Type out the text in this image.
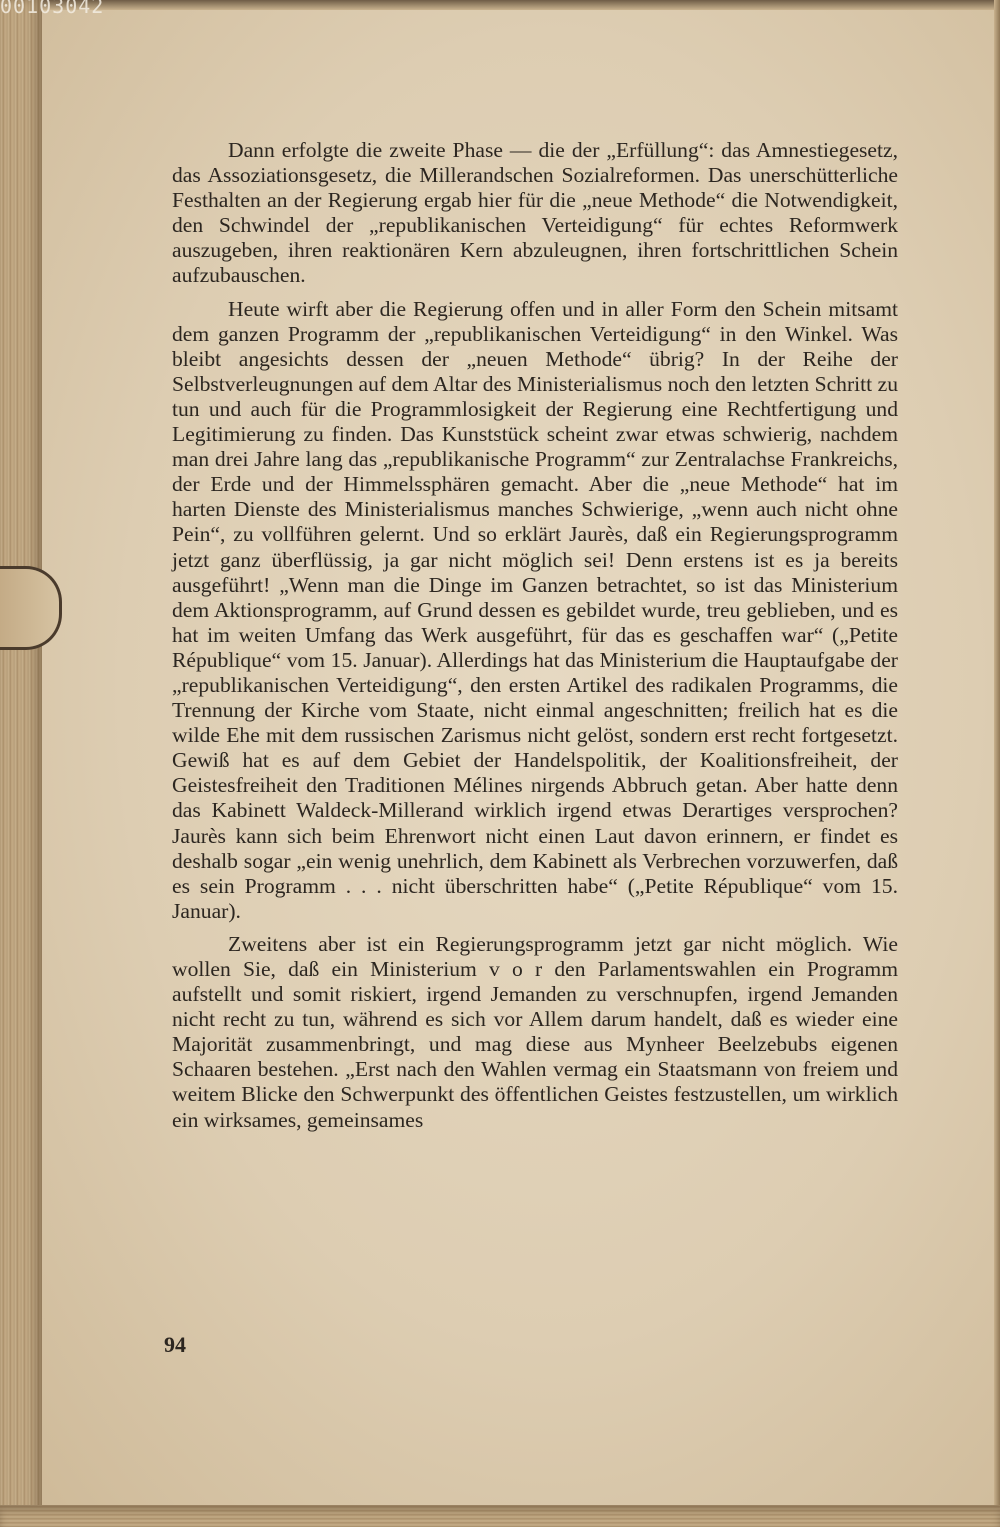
00103042

Dann erfolgte die zweite Phase — die der „Erfüllung“: das Amnestiegesetz, das Assoziationsgesetz, die Millerandschen Sozialreformen. Das unerschütterliche Festhalten an der Regierung ergab hier für die „neue Methode“ die Notwendigkeit, den Schwindel der „republikanischen Verteidigung“ für echtes Reformwerk auszugeben, ihren reaktionären Kern abzuleugnen, ihren fortschrittlichen Schein aufzubauschen.

Heute wirft aber die Regierung offen und in aller Form den Schein mitsamt dem ganzen Programm der „republikanischen Verteidigung“ in den Winkel. Was bleibt angesichts dessen der „neuen Methode“ übrig? In der Reihe der Selbstverleugnungen auf dem Altar des Ministerialismus noch den letzten Schritt zu tun und auch für die Programmlosigkeit der Regierung eine Rechtfertigung und Legitimierung zu finden. Das Kunststück scheint zwar etwas schwierig, nachdem man drei Jahre lang das „republikanische Programm“ zur Zentralachse Frankreichs, der Erde und der Himmelssphären gemacht. Aber die „neue Methode“ hat im harten Dienste des Ministerialismus manches Schwierige, „wenn auch nicht ohne Pein“, zu vollführen gelernt. Und so erklärt Jaurès, daß ein Regierungsprogramm jetzt ganz überflüssig, ja gar nicht möglich sei! Denn erstens ist es ja bereits ausgeführt! „Wenn man die Dinge im Ganzen betrachtet, so ist das Ministerium dem Aktionsprogramm, auf Grund dessen es gebildet wurde, treu geblieben, und es hat im weiten Umfang das Werk ausgeführt, für das es geschaffen war“ („Petite République“ vom 15. Januar). Allerdings hat das Ministerium die Hauptaufgabe der „republikanischen Verteidigung“, den ersten Artikel des radikalen Programms, die Trennung der Kirche vom Staate, nicht einmal angeschnitten; freilich hat es die wilde Ehe mit dem russischen Zarismus nicht gelöst, sondern erst recht fortgesetzt. Gewiß hat es auf dem Gebiet der Handelspolitik, der Koalitionsfreiheit, der Geistesfreiheit den Traditionen Mélines nirgends Abbruch getan. Aber hatte denn das Kabinett Waldeck-Millerand wirklich irgend etwas Derartiges versprochen? Jaurès kann sich beim Ehrenwort nicht einen Laut davon erinnern, er findet es deshalb sogar „ein wenig unehrlich, dem Kabinett als Verbrechen vorzuwerfen, daß es sein Programm . . . nicht überschritten habe“ („Petite République“ vom 15. Januar).

Zweitens aber ist ein Regierungsprogramm jetzt gar nicht möglich. Wie wollen Sie, daß ein Ministerium v o r den Parlamentswahlen ein Programm aufstellt und somit riskiert, irgend Jemanden zu verschnupfen, irgend Jemanden nicht recht zu tun, während es sich vor Allem darum handelt, daß es wieder eine Majorität zusammenbringt, und mag diese aus Mynheer Beelzebubs eigenen Schaaren bestehen. „Erst nach den Wahlen vermag ein Staatsmann von freiem und weitem Blicke den Schwerpunkt des öffentlichen Geistes festzustellen, um wirklich ein wirksames, gemeinsames

94
